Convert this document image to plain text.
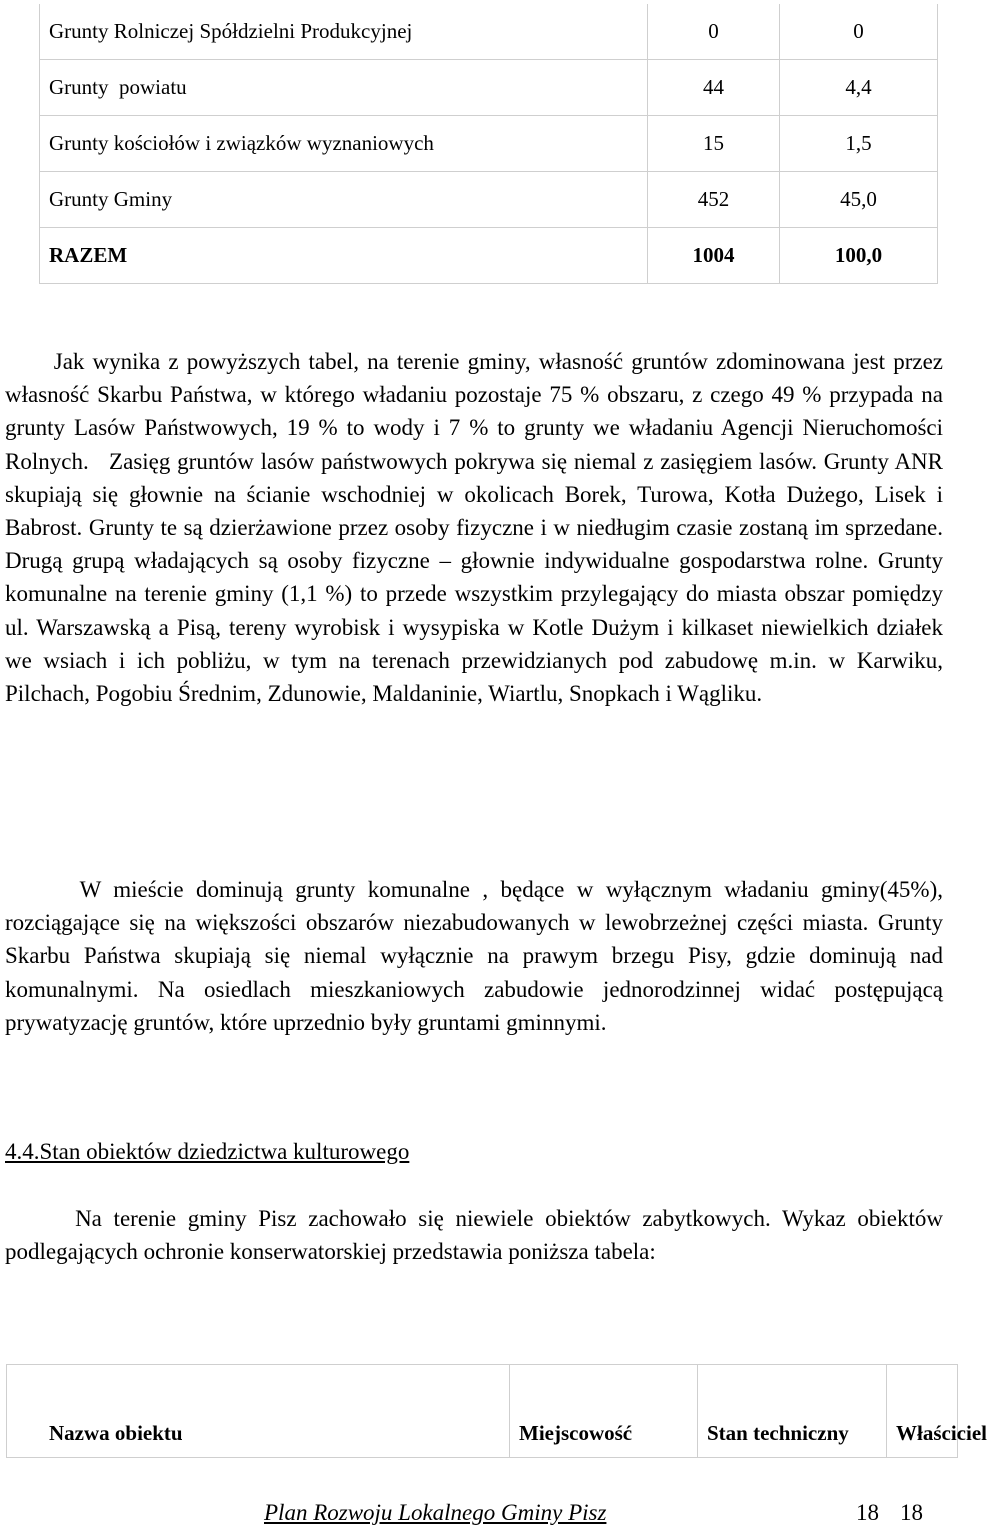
Grunty Rolniczej Spółdzielni Produkcyjnej	0	0
Grunty  powiatu	44	4,4
Grunty kościołów i związków wyznaniowych	15	1,5
Grunty Gminy	452	45,0
RAZEM	1004	100,0

Jak wynika z powyższych tabel, na terenie gminy, własność gruntów zdominowana jest przez własność Skarbu Państwa, w którego władaniu pozostaje 75 % obszaru, z czego 49 % przypada na grunty Lasów Państwowych, 19 % to wody i 7 % to grunty we władaniu Agencji Nieruchomości Rolnych.   Zasięg gruntów lasów państwowych pokrywa się niemal z zasięgiem lasów. Grunty ANR skupiają się głownie na ścianie wschodniej w okolicach Borek, Turowa, Kotła Dużego, Lisek i Babrost. Grunty te są dzierżawione przez osoby fizyczne i w niedługim czasie zostaną im sprzedane.   Drugą grupą władających są osoby fizyczne – głownie indywidualne gospodarstwa rolne. Grunty komunalne na terenie gminy (1,1 %) to przede wszystkim przylegający do miasta obszar pomiędzy ul. Warszawską a Pisą, tereny wyrobisk i wysypiska w Kotle Dużym i kilkaset niewielkich działek we wsiach i ich pobliżu, w tym na terenach przewidzianych pod zabudowę m.in. w Karwiku, Pilchach, Pogobiu Średnim, Zdunowie, Maldaninie, Wiartlu, Snopkach i Wągliku.

W mieście dominują grunty komunalne , będące w wyłącznym władaniu gminy(45%), rozciągające się na większości obszarów niezabudowanych w lewobrzeżnej części miasta. Grunty Skarbu Państwa skupiają się niemal wyłącznie na prawym brzegu Pisy, gdzie dominują nad komunalnymi. Na osiedlach mieszkaniowych zabudowie jednorodzinnej widać postępującą prywatyzację gruntów, które uprzednio były gruntami gminnymi.

4.4.Stan obiektów dziedzictwa kulturowego

Na terenie gminy Pisz zachowało się niewiele obiektów zabytkowych. Wykaz obiektów podlegających ochronie konserwatorskiej przedstawia poniższa tabela:

Nazwa obiektu	Miejscowość	Stan techniczny	Właściciel
Plan Rozwoju Lokalnego Gminy Pisz	18 18
